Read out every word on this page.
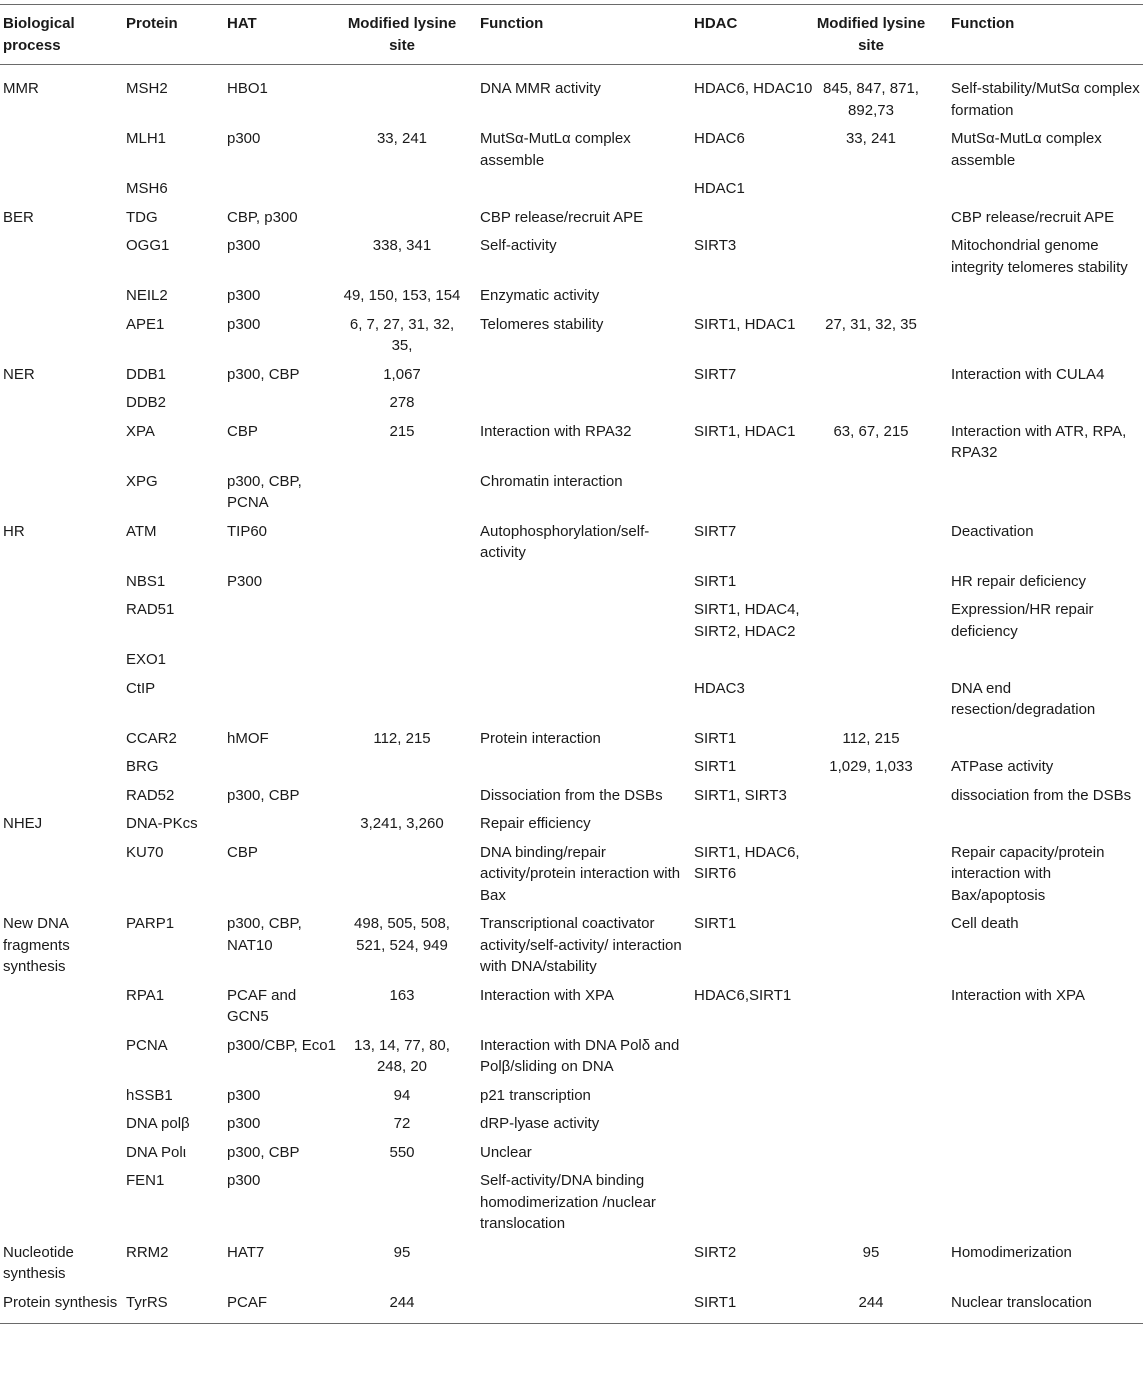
Biological process	Protein	HAT	Modified lysine site	Function	HDAC	Modified lysine site	Function
MMR	MSH2	HBO1		DNA MMR activity	HDAC6, HDAC10	845, 847, 871, 892,73	Self-stability/MutSα complex formation
	MLH1	p300	33, 241	MutSα-MutLα complex assemble	HDAC6	33, 241	MutSα-MutLα complex assemble
	MSH6				HDAC1		
BER	TDG	CBP, p300		CBP release/recruit APE			CBP release/recruit APE
	OGG1	p300	338, 341	Self-activity	SIRT3		Mitochondrial genome integrity telomeres stability
	NEIL2	p300	49, 150, 153, 154	Enzymatic activity			
	APE1	p300	6, 7, 27, 31, 32, 35,	Telomeres stability	SIRT1, HDAC1	27, 31, 32, 35	
NER	DDB1	p300, CBP	1,067		SIRT7		Interaction with CULA4
	DDB2		278				
	XPA	CBP	215	Interaction with RPA32	SIRT1, HDAC1	63, 67, 215	Interaction with ATR, RPA, RPA32
	XPG	p300, CBP, PCNA		Chromatin interaction			
HR	ATM	TIP60		Autophosphorylation/self-activity	SIRT7		Deactivation
	NBS1	P300			SIRT1		HR repair deficiency
	RAD51				SIRT1, HDAC4, SIRT2, HDAC2		Expression/HR repair deficiency
	EXO1						
	CtIP				HDAC3		DNA end resection/degradation
	CCAR2	hMOF	112, 215	Protein interaction	SIRT1	112, 215	
	BRG				SIRT1	1,029, 1,033	ATPase activity
	RAD52	p300, CBP		Dissociation from the DSBs	SIRT1, SIRT3		dissociation from the DSBs
NHEJ	DNA-PKcs		3,241, 3,260	Repair efficiency			
	KU70	CBP		DNA binding/repair activity/protein interaction with Bax	SIRT1, HDAC6, SIRT6		Repair capacity/protein interaction with Bax/apoptosis
New DNA fragments synthesis	PARP1	p300, CBP, NAT10	498, 505, 508, 521, 524, 949	Transcriptional coactivator activity/self-activity/ interaction with DNA/stability	SIRT1		Cell death
	RPA1	PCAF and GCN5	163	Interaction with XPA	HDAC6,SIRT1		Interaction with XPA
	PCNA	p300/CBP, Eco1	13, 14, 77, 80, 248, 20	Interaction with DNA Polδ and Polβ/sliding on DNA			
	hSSB1	p300	94	p21 transcription			
	DNA polβ	p300	72	dRP-lyase activity			
	DNA Polι	p300, CBP	550	Unclear			
	FEN1	p300		Self-activity/DNA binding homodimerization /nuclear translocation			
Nucleotide synthesis	RRM2	HAT7	95		SIRT2	95	Homodimerization
Protein synthesis	TyrRS	PCAF	244		SIRT1	244	Nuclear translocation
